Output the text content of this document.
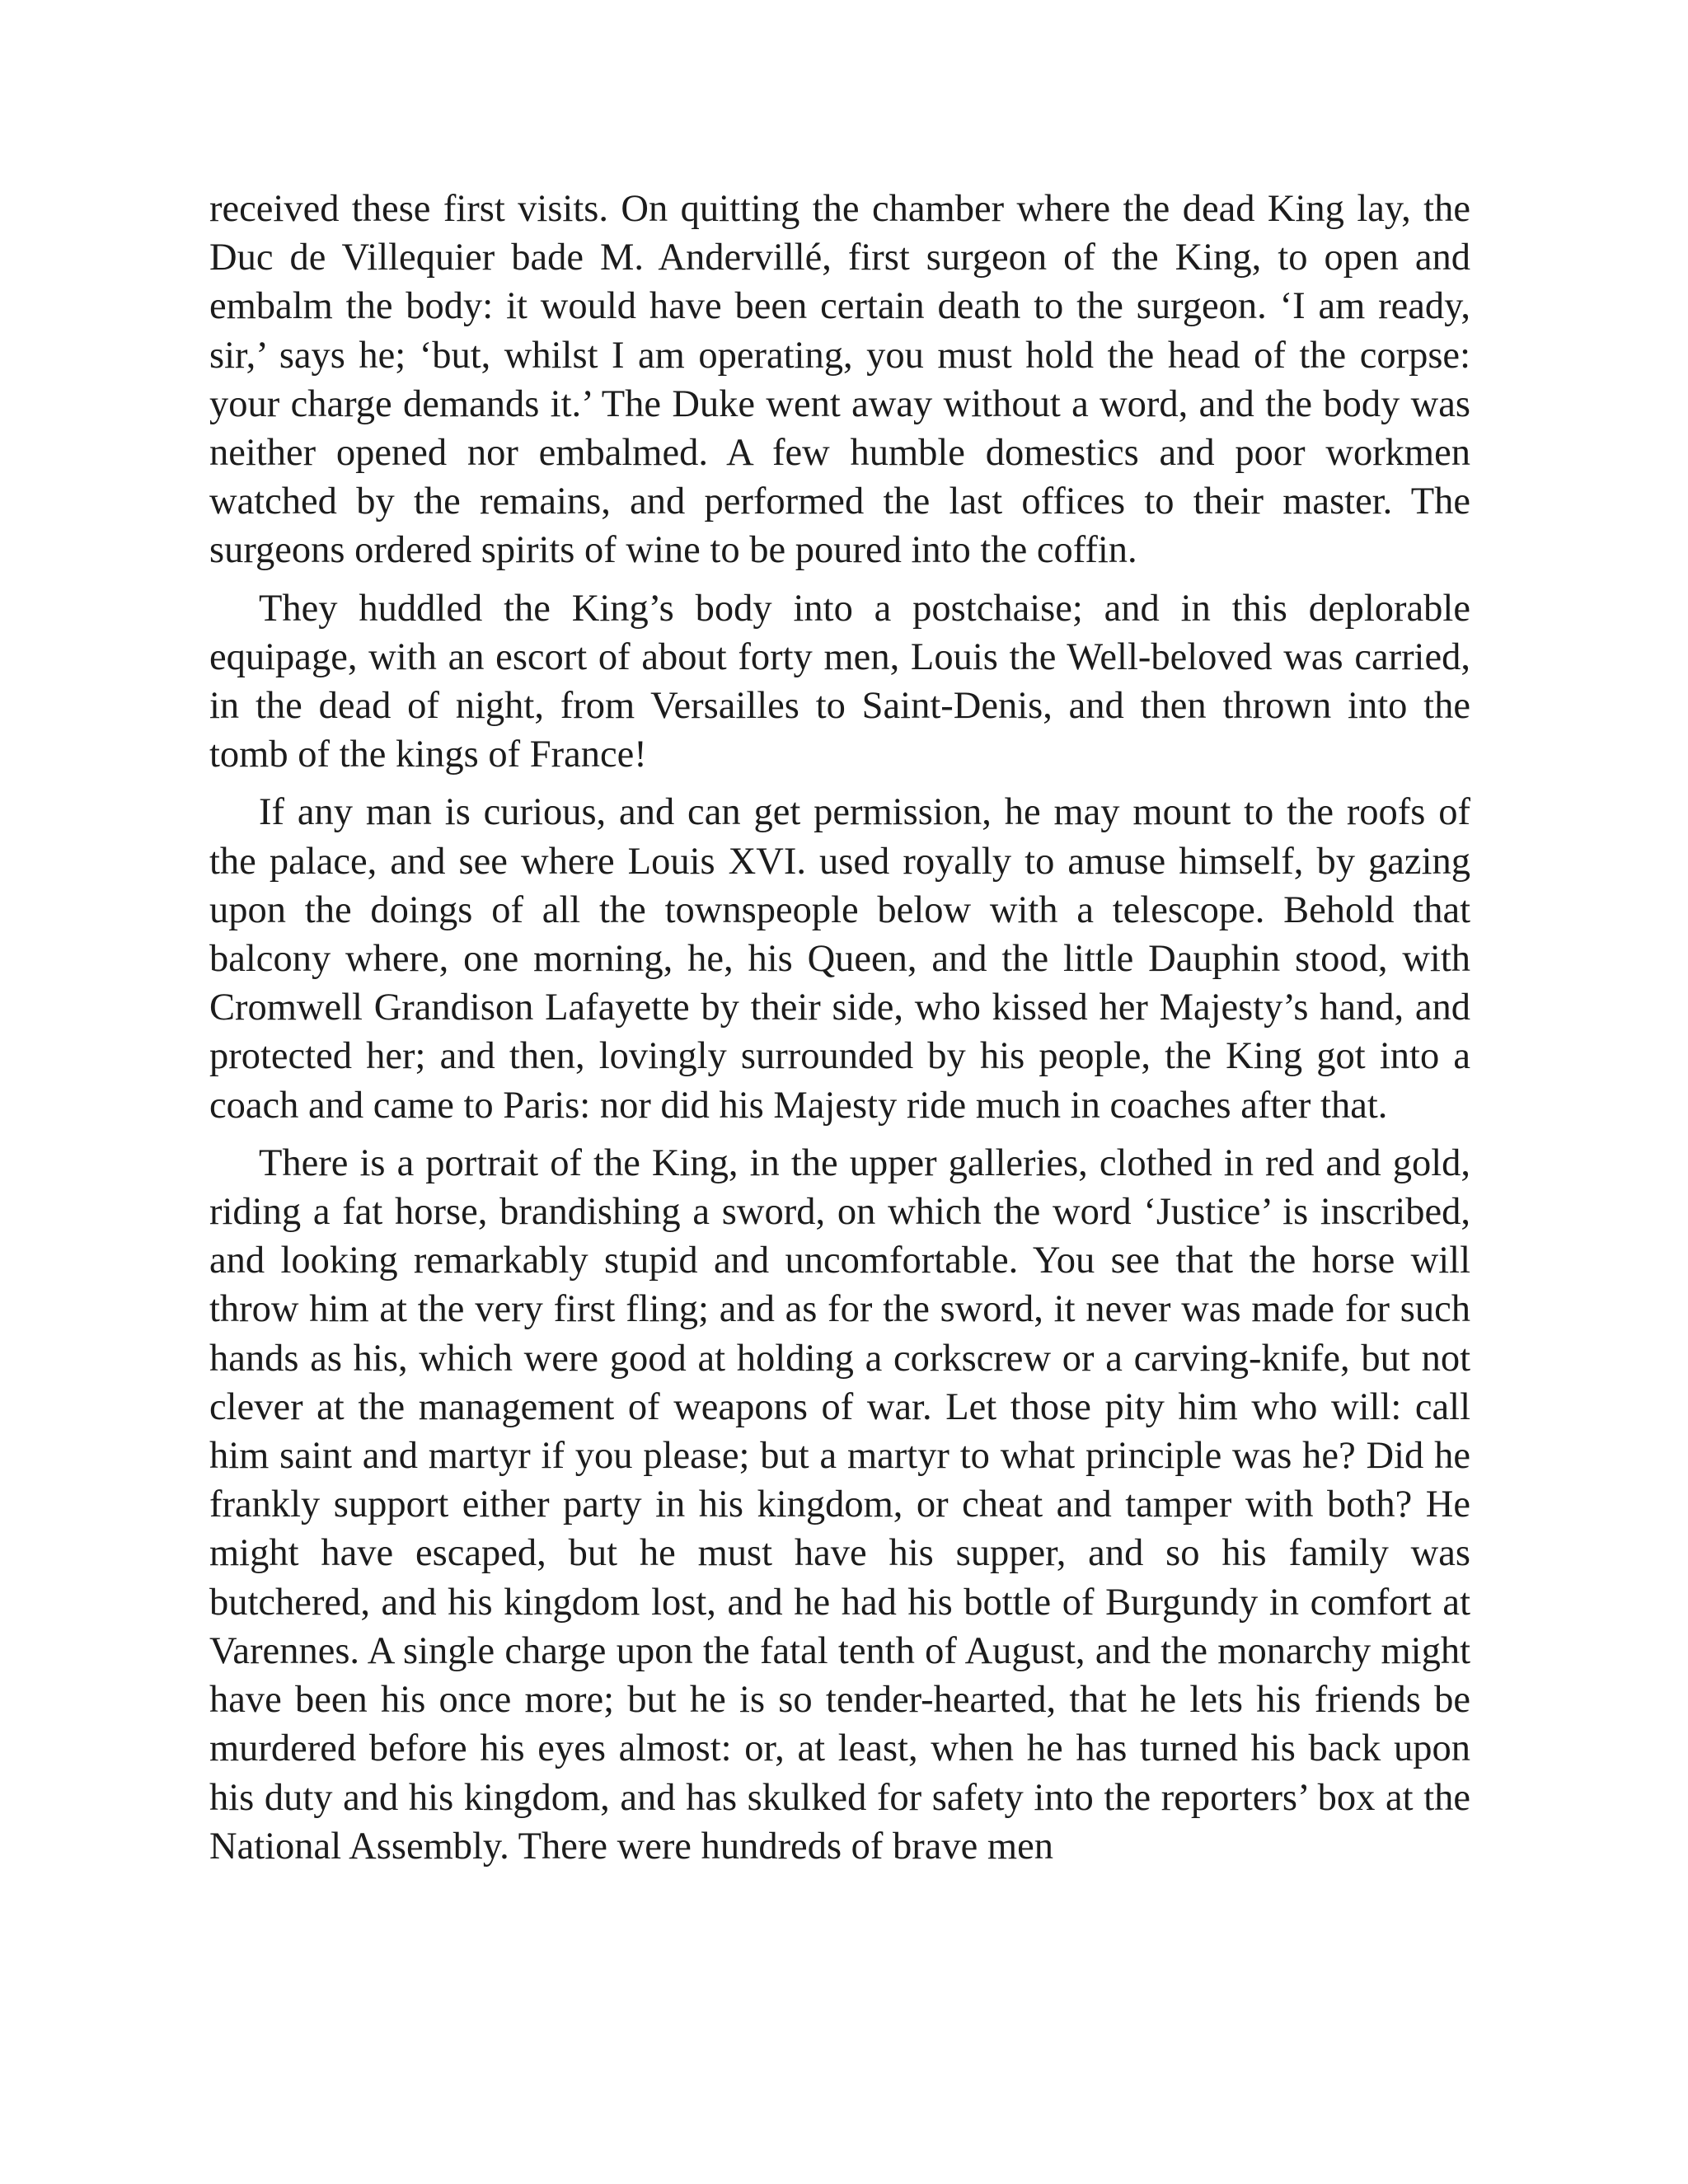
received these first visits. On quitting the chamber where the dead King lay, the Duc de Villequier bade M. Andervillé, first surgeon of the King, to open and embalm the body: it would have been certain death to the surgeon. ‘I am ready, sir,’ says he; ‘but, whilst I am operating, you must hold the head of the corpse: your charge demands it.’ The Duke went away without a word, and the body was neither opened nor embalmed. A few humble domestics and poor workmen watched by the remains, and performed the last offices to their master. The surgeons ordered spirits of wine to be poured into the coffin.

They huddled the King’s body into a postchaise; and in this deplorable equipage, with an escort of about forty men, Louis the Well-beloved was carried, in the dead of night, from Versailles to Saint-Denis, and then thrown into the tomb of the kings of France!

If any man is curious, and can get permission, he may mount to the roofs of the palace, and see where Louis XVI. used royally to amuse himself, by gazing upon the doings of all the townspeople below with a telescope. Behold that balcony where, one morning, he, his Queen, and the little Dauphin stood, with Cromwell Grandison Lafayette by their side, who kissed her Majesty’s hand, and protected her; and then, lovingly surrounded by his people, the King got into a coach and came to Paris: nor did his Majesty ride much in coaches after that.

There is a portrait of the King, in the upper galleries, clothed in red and gold, riding a fat horse, brandishing a sword, on which the word ‘Justice’ is inscribed, and looking remarkably stupid and uncomfortable. You see that the horse will throw him at the very first fling; and as for the sword, it never was made for such hands as his, which were good at holding a corkscrew or a carving-knife, but not clever at the management of weapons of war. Let those pity him who will: call him saint and martyr if you please; but a martyr to what principle was he? Did he frankly support either party in his kingdom, or cheat and tamper with both? He might have escaped, but he must have his supper, and so his family was butchered, and his kingdom lost, and he had his bottle of Burgundy in comfort at Varennes. A single charge upon the fatal tenth of August, and the monarchy might have been his once more; but he is so tender-hearted, that he lets his friends be murdered before his eyes almost: or, at least, when he has turned his back upon his duty and his kingdom, and has skulked for safety into the reporters’ box at the National Assembly. There were hundreds of brave men
